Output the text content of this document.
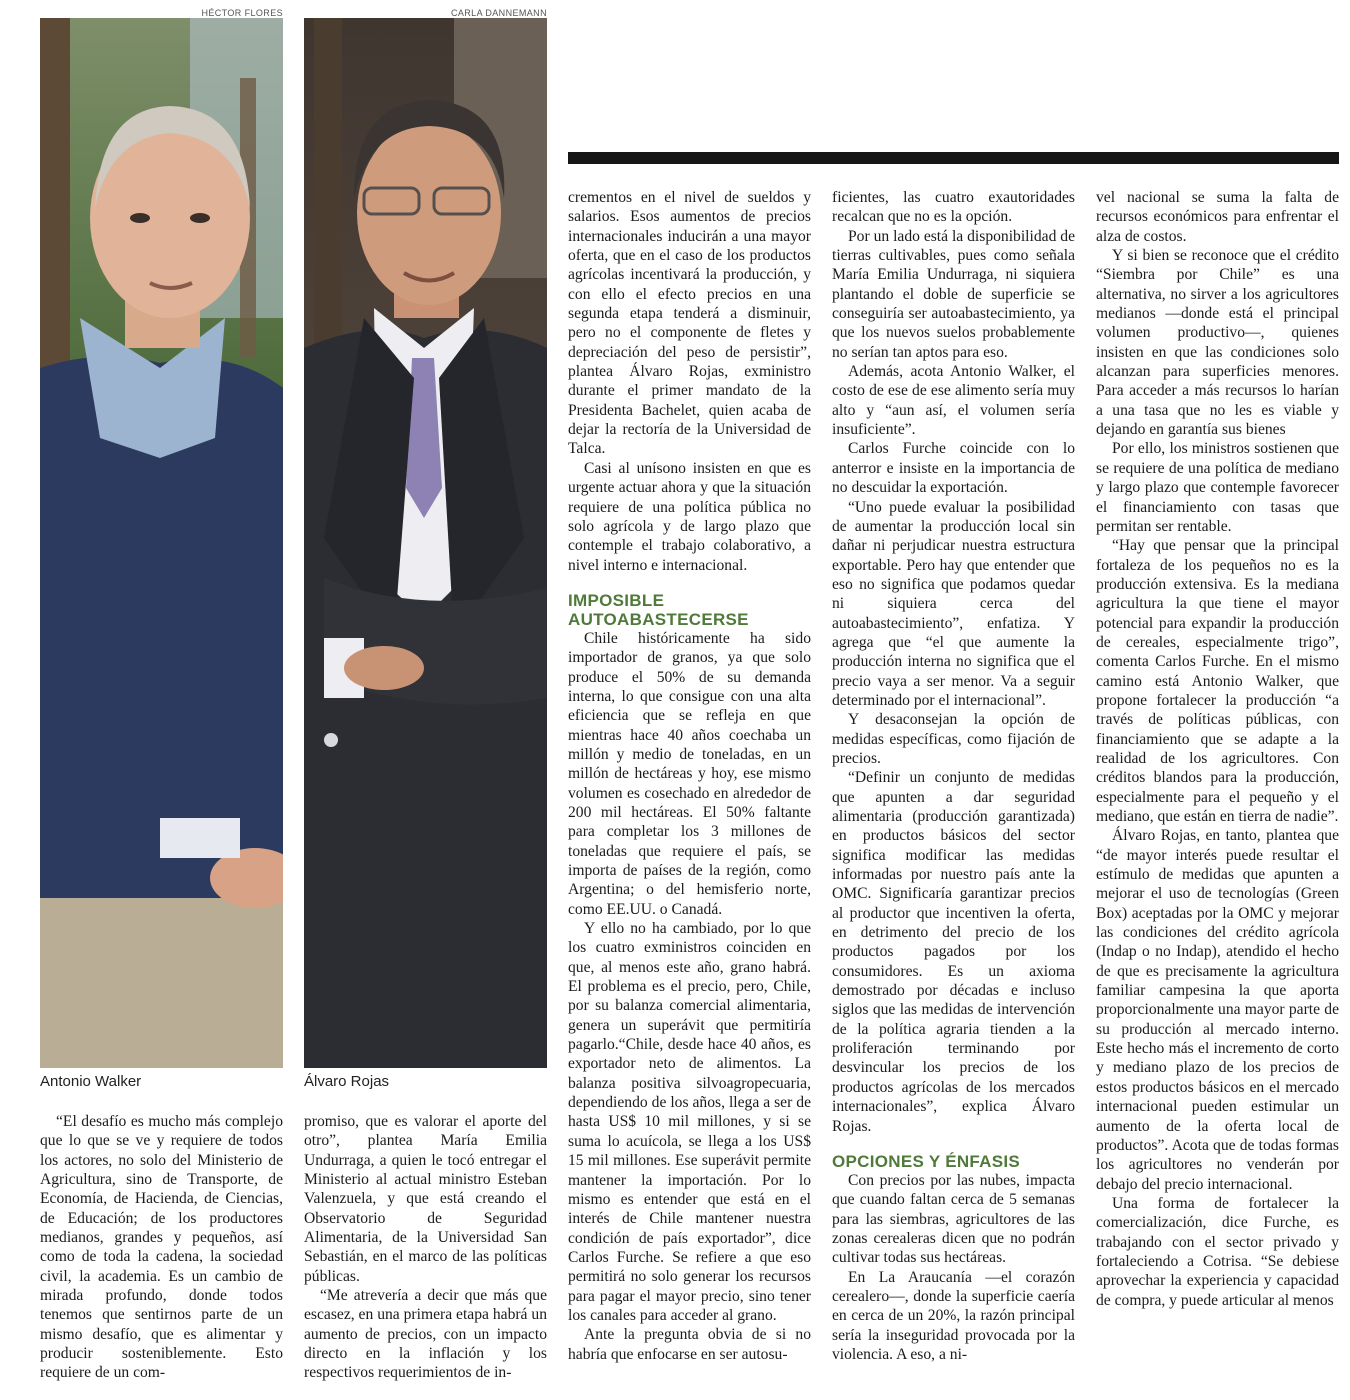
HÉCTOR FLORES	CARLA DANNEMANN
Antonio Walker	Álvaro Rojas

“El desafío es mucho más complejo que lo que se ve y requiere de todos los actores, no solo del Ministerio de Agricultura, sino de Transporte, de Economía, de Hacienda, de Ciencias, de Educación; de los productores medianos, grandes y pequeños, así como de toda la cadena, la sociedad civil, la academia. Es un cambio de mirada profundo, donde todos tenemos que sentirnos parte de un mismo desafío, que es alimentar y producir sosteniblemente. Esto requiere de un com-

promiso, que es valorar el aporte del otro”, plantea María Emilia Undurraga, a quien le tocó entregar el Ministerio al actual ministro Esteban Valenzuela, y que está creando el Observatorio de Seguridad Alimentaria, de la Universidad San Sebastián, en el marco de las políticas públicas.

“Me atrevería a decir que más que escasez, en una primera etapa habrá un aumento de precios, con un impacto directo en la inflación y los respectivos requerimientos de in-

crementos en el nivel de sueldos y salarios. Esos aumentos de precios internacionales inducirán a una mayor oferta, que en el caso de los productos agrícolas incentivará la producción, y con ello el efecto precios en una segunda etapa tenderá a disminuir, pero no el componente de fletes y depreciación del peso de persistir”, plantea Álvaro Rojas, exministro durante el primer mandato de la Presidenta Bachelet, quien acaba de dejar la rectoría de la Universidad de Talca.

Casi al unísono insisten en que es urgente actuar ahora y que la situación requiere de una política pública no solo agrícola y de largo plazo que contemple el trabajo colaborativo, a nivel interno e internacional.

IMPOSIBLE AUTOABASTECERSE

Chile históricamente ha sido importador de granos, ya que solo produce el 50% de su demanda interna, lo que consigue con una alta eficiencia que se refleja en que mientras hace 40 años coechaba un millón y medio de toneladas, en un millón de hectáreas y hoy, ese mismo volumen es cosechado en alrededor de 200 mil hectáreas. El 50% faltante para completar los 3 millones de toneladas que requiere el país, se importa de países de la región, como Argentina; o del hemisferio norte, como EE.UU. o Canadá.

Y ello no ha cambiado, por lo que los cuatro exministros coinciden en que, al menos este año, grano habrá. El problema es el precio, pero, Chile, por su balanza comercial alimentaria, genera un superávit que permitiría pagarlo.“Chile, desde hace 40 años, es exportador neto de alimentos. La balanza positiva silvoagropecuaria, dependiendo de los años, llega a ser de hasta US$ 10 mil millones, y si se suma lo acuícola, se llega a los US$ 15 mil millones. Ese superávit permite mantener la importación. Por lo mismo es entender que está en el interés de Chile mantener nuestra condición de país exportador”, dice Carlos Furche. Se refiere a que eso permitirá no solo generar los recursos para pagar el mayor precio, sino tener los canales para acceder al grano.

Ante la pregunta obvia de si no habría que enfocarse en ser autosu-

ficientes, las cuatro exautoridades recalcan que no es la opción.

Por un lado está la disponibilidad de tierras cultivables, pues como señala María Emilia Undurraga, ni siquiera plantando el doble de superficie se conseguiría ser autoabastecimiento, ya que los nuevos suelos probablemente no serían tan aptos para eso.

Además, acota Antonio Walker, el costo de ese de ese alimento sería muy alto y “aun así, el volumen sería insuficiente”.

Carlos Furche coincide con lo anterror e insiste en la importancia de no descuidar la exportación.

“Uno puede evaluar la posibilidad de aumentar la producción local sin dañar ni perjudicar nuestra estructura exportable. Pero hay que entender que eso no significa que podamos quedar ni siquiera cerca del autoabastecimiento”, enfatiza. Y agrega que “el que aumente la producción interna no significa que el precio vaya a ser menor. Va a seguir determinado por el internacional”.

Y desaconsejan la opción de medidas específicas, como fijación de precios.

“Definir un conjunto de medidas que apunten a dar seguridad alimentaria (producción garantizada) en productos básicos del sector significa modificar las medidas informadas por nuestro país ante la OMC. Significaría garantizar precios al productor que incentiven la oferta, en detrimento del precio de los productos pagados por los consumidores. Es un axioma demostrado por décadas e incluso siglos que las medidas de intervención de la política agraria tienden a la proliferación terminando por desvincular los precios de los productos agrícolas de los mercados internacionales”, explica Álvaro Rojas.

OPCIONES Y ÉNFASIS

Con precios por las nubes, impacta que cuando faltan cerca de 5 semanas para las siembras, agricultores de las zonas cerealeras dicen que no podrán cultivar todas sus hectáreas.

En La Araucanía —el corazón cerealero—, donde la superficie caería en cerca de un 20%, la razón principal sería la inseguridad provocada por la violencia. A eso, a ni-

vel nacional se suma la falta de recursos económicos para enfrentar el alza de costos.

Y si bien se reconoce que el crédito “Siembra por Chile” es una alternativa, no sirver a los agricultores medianos —donde está el principal volumen productivo—, quienes insisten en que las condiciones solo alcanzan para superficies menores. Para acceder a más recursos lo harían a una tasa que no les es viable y dejando en garantía sus bienes

Por ello, los ministros sostienen que se requiere de una política de mediano y largo plazo que contemple favorecer el financiamiento con tasas que permitan ser rentable.

“Hay que pensar que la principal fortaleza de los pequeños no es la producción extensiva. Es la mediana agricultura la que tiene el mayor potencial para expandir la producción de cereales, especialmente trigo”, comenta Carlos Furche. En el mismo camino está Antonio Walker, que propone fortalecer la producción “a través de políticas públicas, con financiamiento que se adapte a la realidad de los agricultores. Con créditos blandos para la producción, especialmente para el pequeño y el mediano, que están en tierra de nadie”.

Álvaro Rojas, en tanto, plantea que “de mayor interés puede resultar el estímulo de medidas que apunten a mejorar el uso de tecnologías (Green Box) aceptadas por la OMC y mejorar las condiciones del crédito agrícola (Indap o no Indap), atendido el hecho de que es precisamente la agricultura familiar campesina la que aporta proporcionalmente una mayor parte de su producción al mercado interno. Este hecho más el incremento de corto y mediano plazo de los precios de estos productos básicos en el mercado internacional pueden estimular un aumento de la oferta local de productos”. Acota que de todas formas los agricultores no venderán por debajo del precio internacional.

Una forma de fortalecer la comercialización, dice Furche, es trabajando con el sector privado y fortaleciendo a Cotrisa. “Se debiese aprovechar la experiencia y capacidad de compra, y puede articular al menos
